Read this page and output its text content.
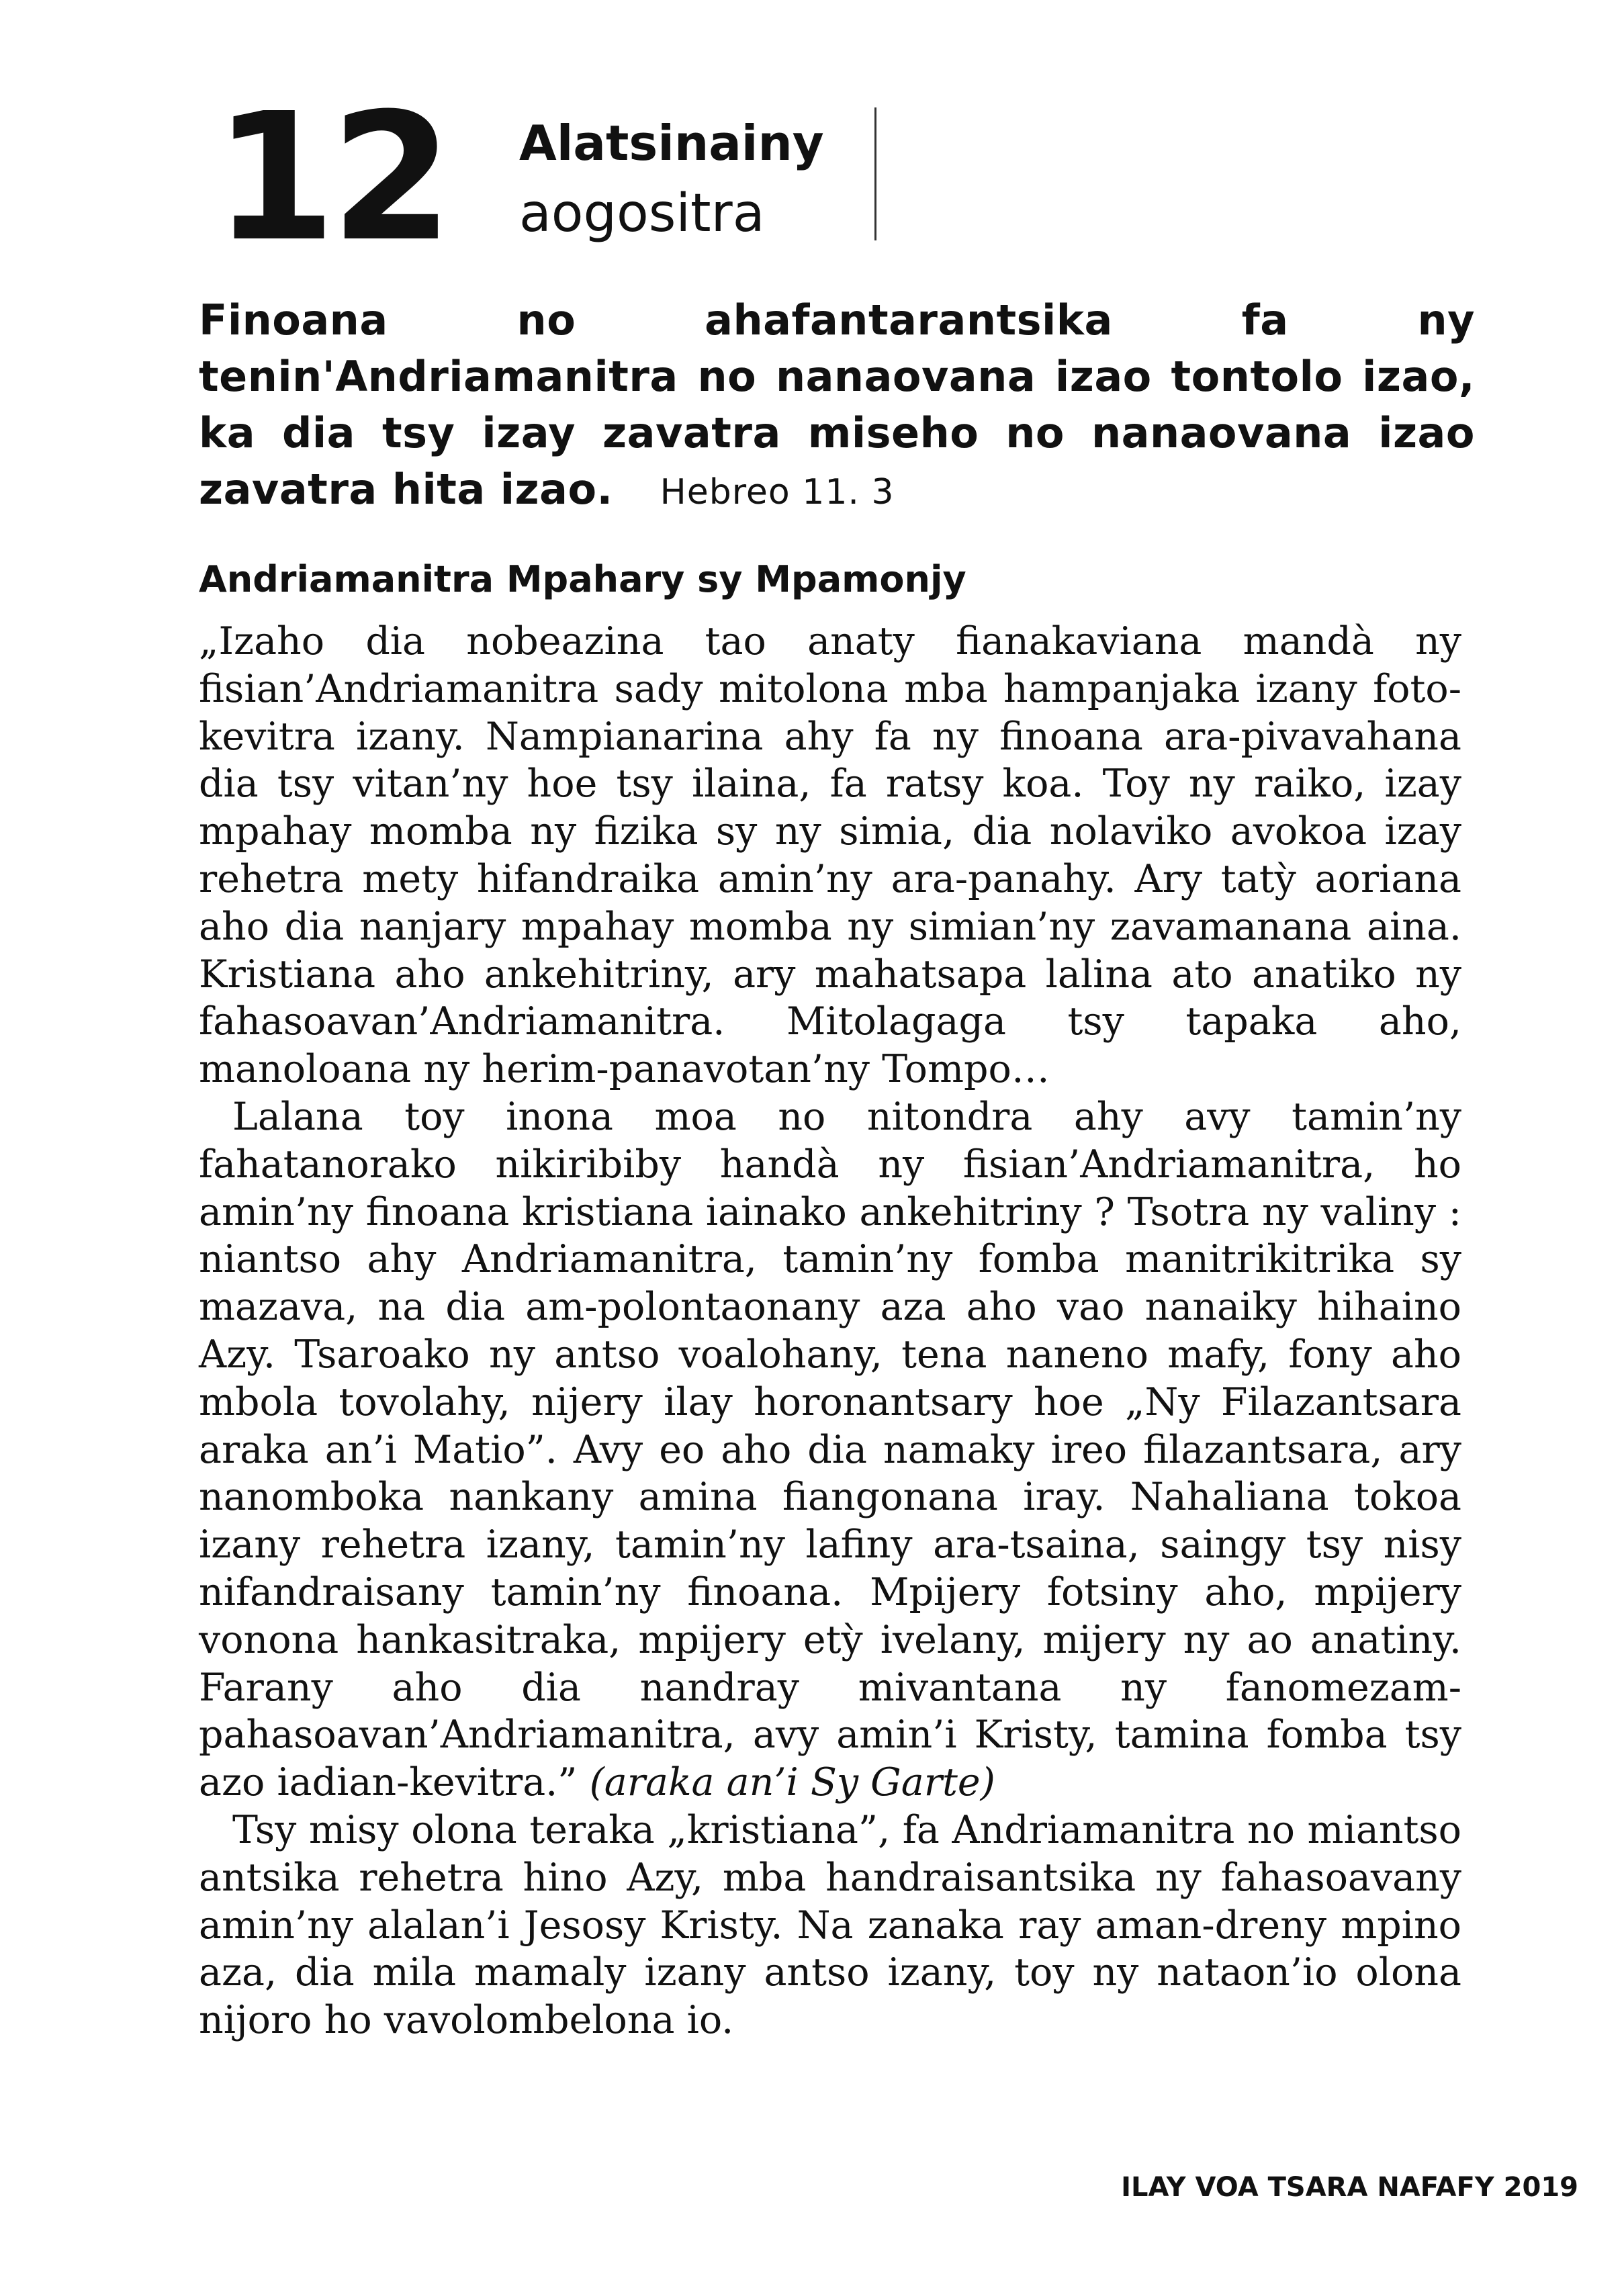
12 Alatsinainy
aogositra
Finoana no ahafantarantsika fa ny tenin'Andriamanitra no nanaovana izao tontolo izao, ka dia tsy izay zavatra miseho no nanaovana izao zavatra hita izao. Hebreo 11. 3
Andriamanitra Mpahary sy Mpamonjy

„Izaho dia nobeazina tao anaty fianakaviana mandà ny fisian’Andriamanitra sady mitolona mba hampanjaka izany foto-kevitra izany. Nampianarina ahy fa ny finoana ara-pivavahana dia tsy vitan’ny hoe tsy ilaina, fa ratsy koa. Toy ny raiko, izay mpahay momba ny fizika sy ny simia, dia nolaviko avokoa izay rehetra mety hifandraika amin’ny ara-panahy. Ary tatỳ aoriana aho dia nanjary mpahay momba ny simian’ny zavamanana aina. Kristiana aho ankehitriny, ary mahatsapa lalina ato anatiko ny fahasoavan’Andriamanitra. Mitolagaga tsy tapaka aho, manoloana ny herim-panavotan’ny Tompo…

Lalana toy inona moa no nitondra ahy avy tamin’ny fahatanorako nikiribiby handà ny fisian’Andriamanitra, ho amin’ny finoana kristiana iainako ankehitriny ? Tsotra ny valiny : niantso ahy Andriamanitra, tamin’ny fomba manitrikitrika sy mazava, na dia am-polontaonany aza aho vao nanaiky hihaino Azy. Tsaroako ny antso voalohany, tena naneno mafy, fony aho mbola tovolahy, nijery ilay horonantsary hoe „Ny Filazantsara araka an’i Matio”. Avy eo aho dia namaky ireo filazantsara, ary nanomboka nankany amina fiangonana iray. Nahaliana tokoa izany rehetra izany, tamin’ny lafiny ara-tsaina, saingy tsy nisy nifandraisany tamin’ny finoana. Mpijery fotsiny aho, mpijery vonona hankasitraka, mpijery etỳ ivelany, mijery ny ao anatiny. Farany aho dia nandray mivantana ny fanomezam-pahasoavan’Andriamanitra, avy amin’i Kristy, tamina fomba tsy azo iadian-kevitra.” (araka an’i Sy Garte)

Tsy misy olona teraka „kristiana”, fa Andriamanitra no miantso antsika rehetra hino Azy, mba handraisantsika ny fahasoavany amin’ny alalan’i Jesosy Kristy. Na zanaka ray aman-dreny mpino aza, dia mila mamaly izany antso izany, toy ny nataon’io olona nijoro ho vavolombelona io.

ILAY VOA TSARA NAFAFY 2019
